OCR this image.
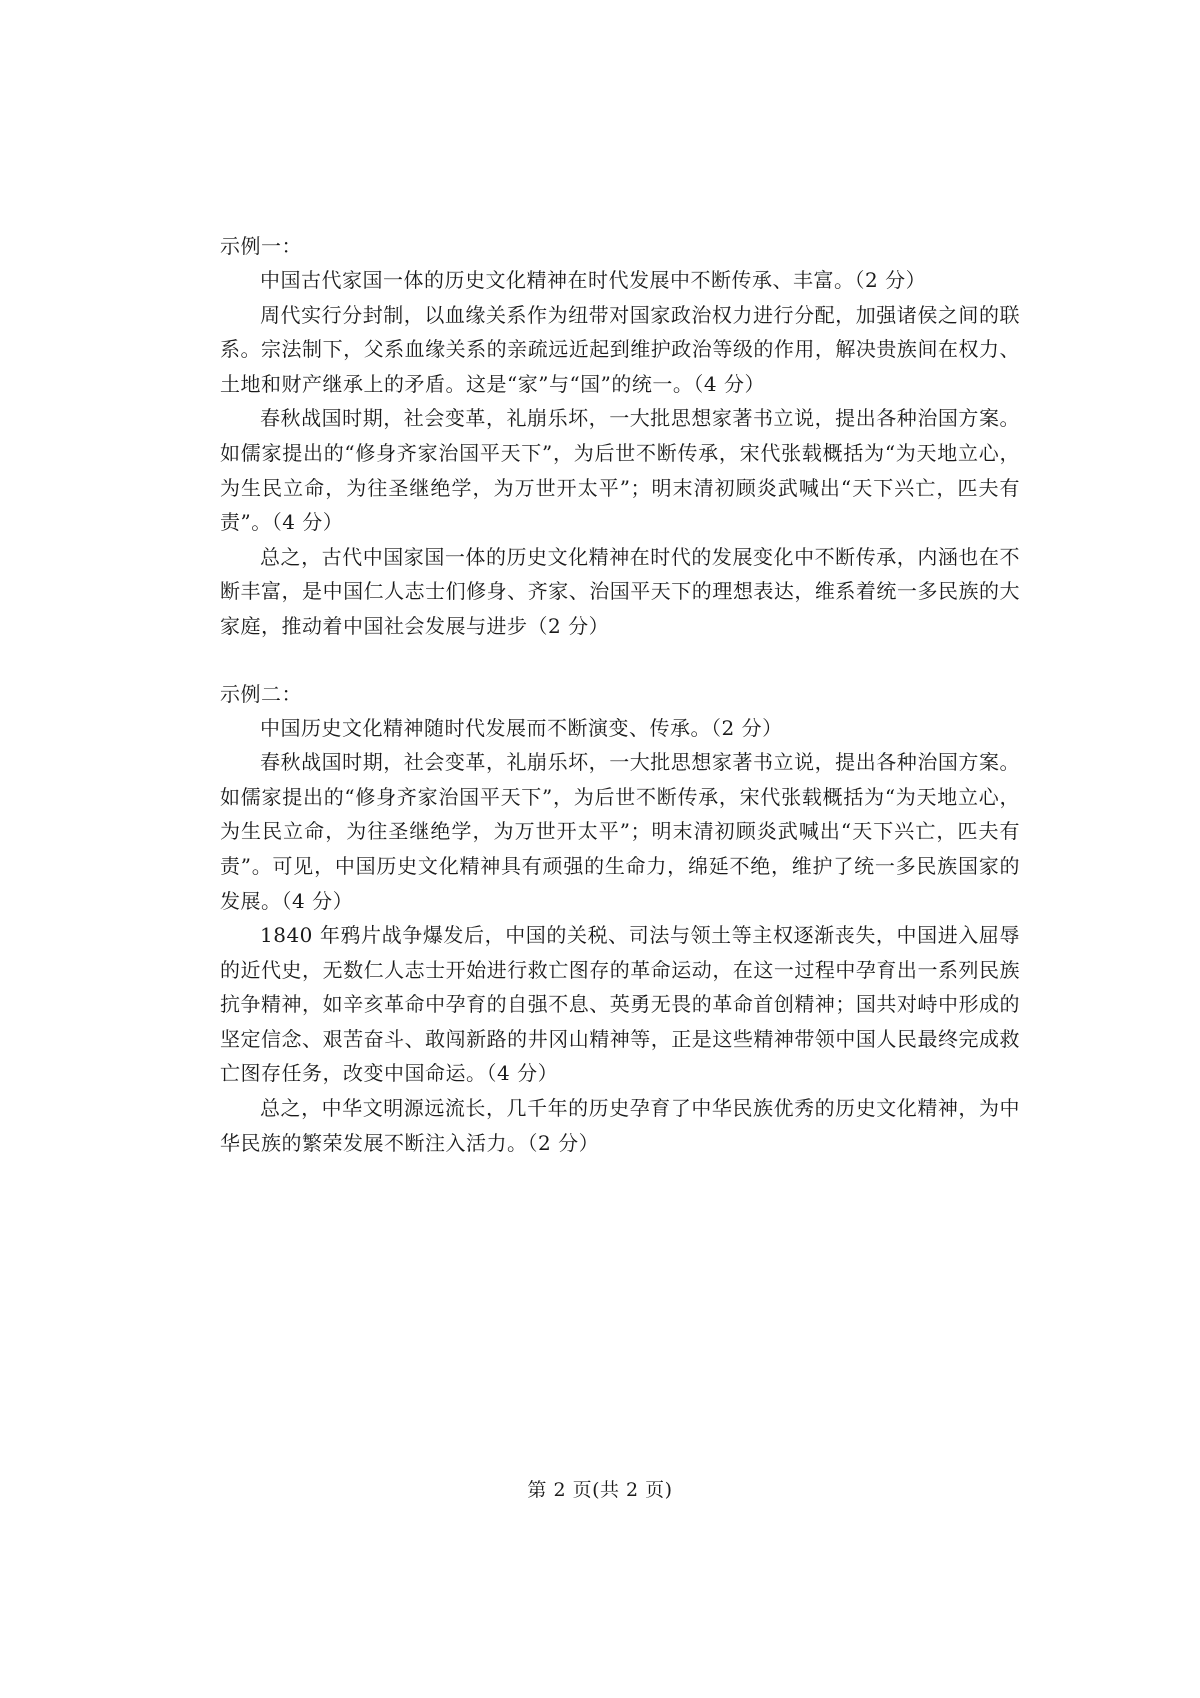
示例一：

中国古代家国一体的历史文化精神在时代发展中不断传承、丰富。（2 分）

周代实行分封制，以血缘关系作为纽带对国家政治权力进行分配，加强诸侯之间的联系。宗法制下，父系血缘关系的亲疏远近起到维护政治等级的作用，解决贵族间在权力、土地和财产继承上的矛盾。这是“家”与“国”的统一。（4 分）

春秋战国时期，社会变革，礼崩乐坏，一大批思想家著书立说，提出各种治国方案。如儒家提出的“修身齐家治国平天下”，为后世不断传承，宋代张载概括为“为天地立心，为生民立命，为往圣继绝学，为万世开太平”；明末清初顾炎武喊出“天下兴亡，匹夫有责”。（4 分）

总之，古代中国家国一体的历史文化精神在时代的发展变化中不断传承，内涵也在不断丰富，是中国仁人志士们修身、齐家、治国平天下的理想表达，维系着统一多民族的大家庭，推动着中国社会发展与进步（2 分）

示例二：

中国历史文化精神随时代发展而不断演变、传承。（2 分）

春秋战国时期，社会变革，礼崩乐坏，一大批思想家著书立说，提出各种治国方案。如儒家提出的“修身齐家治国平天下”，为后世不断传承，宋代张载概括为“为天地立心，为生民立命，为往圣继绝学，为万世开太平”；明末清初顾炎武喊出“天下兴亡，匹夫有责”。可见，中国历史文化精神具有顽强的生命力，绵延不绝，维护了统一多民族国家的发展。（4 分）

1840 年鸦片战争爆发后，中国的关税、司法与领土等主权逐渐丧失，中国进入屈辱的近代史，无数仁人志士开始进行救亡图存的革命运动，在这一过程中孕育出一系列民族抗争精神，如辛亥革命中孕育的自强不息、英勇无畏的革命首创精神；国共对峙中形成的坚定信念、艰苦奋斗、敢闯新路的井冈山精神等，正是这些精神带领中国人民最终完成救亡图存任务，改变中国命运。（4 分）

总之，中华文明源远流长，几千年的历史孕育了中华民族优秀的历史文化精神，为中华民族的繁荣发展不断注入活力。（2 分）

第 2 页(共 2 页)
